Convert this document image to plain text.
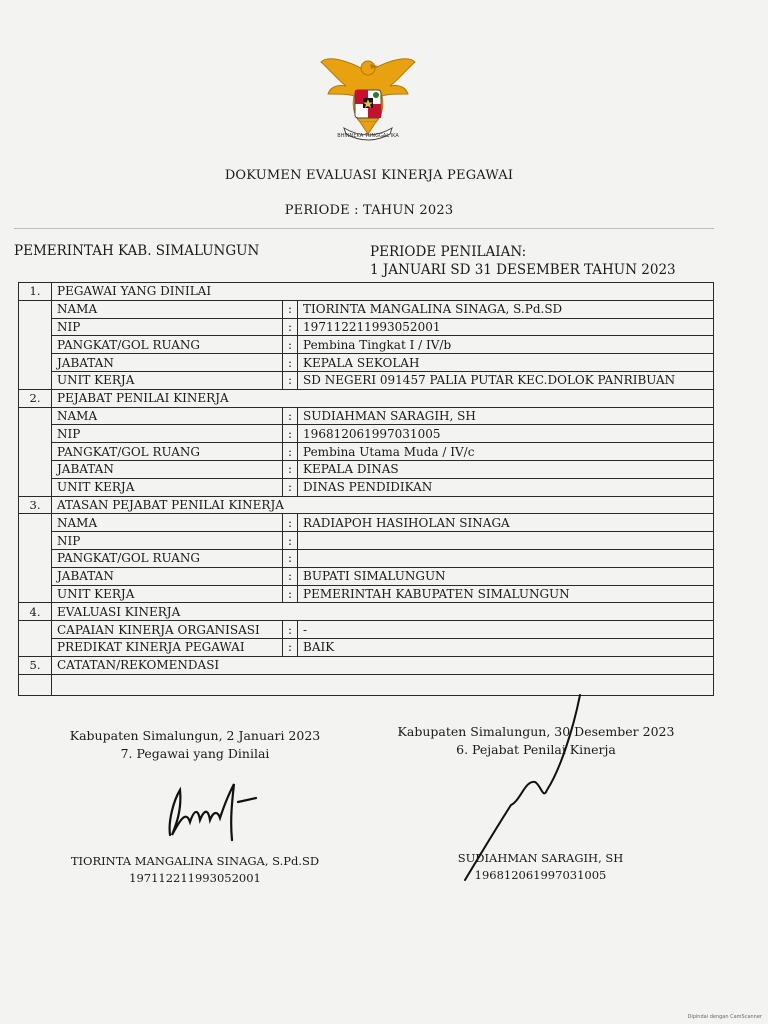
BHINNEKA TUNGGAL IKA
DOKUMEN EVALUASI KINERJA PEGAWAI
PERIODE : TAHUN 2023
PEMERINTAH KAB. SIMALUNGUN	PERIODE PENILAIAN:
1 JANUARI SD 31 DESEMBER TAHUN 2023
1.	PEGAWAI YANG DINILAI		
	NAMA	:	TIORINTA MANGALINA SINAGA, S.Pd.SD
	NIP	:	197112211993052001
	PANGKAT/GOL RUANG	:	Pembina Tingkat I / IV/b
	JABATAN	:	KEPALA SEKOLAH
	UNIT KERJA	:	SD NEGERI 091457 PALIA PUTAR KEC.DOLOK PANRIBUAN
2.	PEJABAT PENILAI KINERJA		
	NAMA	:	SUDIAHMAN SARAGIH, SH
	NIP	:	196812061997031005
	PANGKAT/GOL RUANG	:	Pembina Utama Muda / IV/c
	JABATAN	:	KEPALA DINAS
	UNIT KERJA	:	DINAS PENDIDIKAN
3.	ATASAN PEJABAT PENILAI KINERJA		
	NAMA	:	RADIAPOH HASIHOLAN SINAGA
	NIP	:	
	PANGKAT/GOL RUANG	:	
	JABATAN	:	BUPATI SIMALUNGUN
	UNIT KERJA	:	PEMERINTAH KABUPATEN SIMALUNGUN
4.	EVALUASI KINERJA		
	CAPAIAN KINERJA ORGANISASI	:	-
	PREDIKAT KINERJA PEGAWAI	:	BAIK
5.	CATATAN/REKOMENDASI		

Kabupaten Simalungun, 2 Januari 2023
7. Pegawai yang Dinilai
TIORINTA MANGALINA SINAGA, S.Pd.SD
197112211993052001
Kabupaten Simalungun, 30 Desember 2023
6. Pejabat Penilai Kinerja
SUDIAHMAN SARAGIH, SH
196812061997031005
Dipindai dengan CamScanner
